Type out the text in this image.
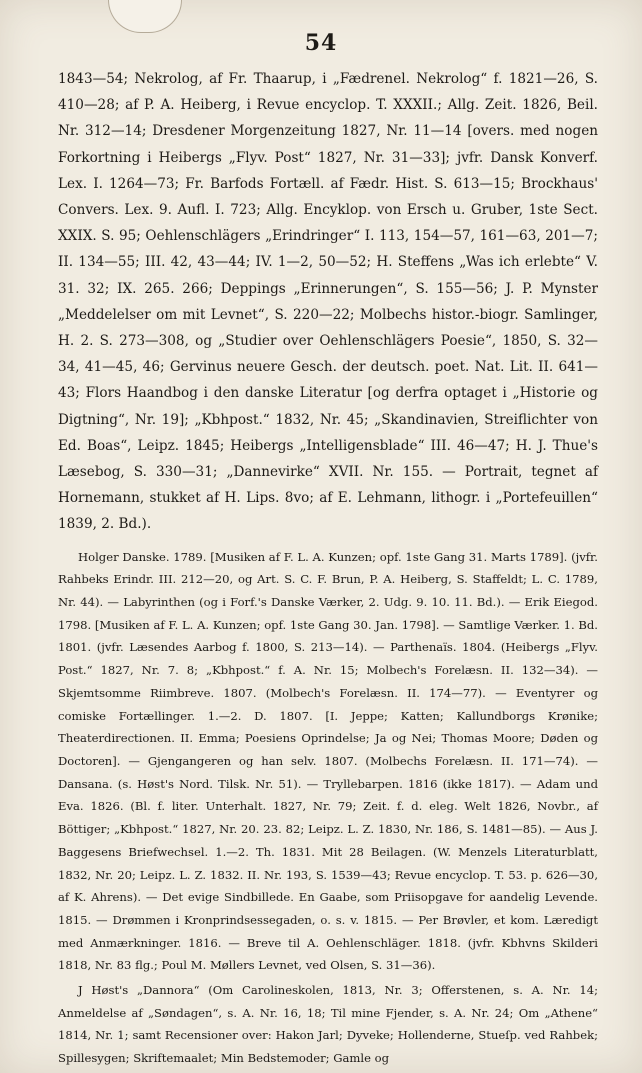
54

1843—54; Nekrolog, af Fr. Thaarup, i „Fædrenel. Nekrolog“ f. 1821—26, S. 410—28; af P. A. Heiberg, i Revue encyclop. T. XXXII.; Allg. Zeit. 1826, Beil. Nr. 312—14; Dresdener Morgenzeitung 1827, Nr. 11—14 [overs. med nogen Forkortning i Heibergs „Flyv. Post“ 1827, Nr. 31—33]; jvfr. Dansk Konverf. Lex. I. 1264—73; Fr. Barfods Fortæll. af Fædr. Hist. S. 613—15; Brockhaus' Convers. Lex. 9. Aufl. I. 723; Allg. Encyklop. von Ersch u. Gruber, 1ste Sect. XXIX. S. 95; Oehlenschlägers „Erindringer“ I. 113, 154—57, 161—63, 201—7; II. 134—55; III. 42, 43—44; IV. 1—2, 50—52; H. Steffens „Was ich erlebte“ V. 31. 32; IX. 265. 266; Deppings „Erinnerungen“, S. 155—56; J. P. Mynster „Meddelelser om mit Levnet“, S. 220—22; Molbechs histor.-biogr. Samlinger, H. 2. S. 273—308, og „Studier over Oehlenschlägers Poesie“, 1850, S. 32—34, 41—45, 46; Gervinus neuere Gesch. der deutsch. poet. Nat. Lit. II. 641—43; Flors Haandbog i den danske Literatur [og derfra optaget i „Historie og Digtning“, Nr. 19]; „Kbhpost.“ 1832, Nr. 45; „Skandinavien, Streiflichter von Ed. Boas“, Leipz. 1845; Heibergs „Intelligensblade“ III. 46—47; H. J. Thue's Læsebog, S. 330—31; „Dannevirke“ XVII. Nr. 155. — Portrait, tegnet af Hornemann, stukket af H. Lips. 8vo; af E. Lehmann, lithogr. i „Portefeuillen“ 1839, 2. Bd.).

Holger Danske. 1789. [Musiken af F. L. A. Kunzen; opf. 1ste Gang 31. Marts 1789]. (jvfr. Rahbeks Erindr. III. 212—20, og Art. S. C. F. Brun, P. A. Heiberg, S. Staffeldt; L. C. 1789, Nr. 44). — Labyrinthen (og i Forf.'s Danske Værker, 2. Udg. 9. 10. 11. Bd.). — Erik Eiegod. 1798. [Musiken af F. L. A. Kunzen; opf. 1ste Gang 30. Jan. 1798]. — Samtlige Værker. 1. Bd. 1801. (jvfr. Læsendes Aarbog f. 1800, S. 213—14). — Parthenaïs. 1804. (Heibergs „Flyv. Post.“ 1827, Nr. 7. 8; „Kbhpost.“ f. A. Nr. 15; Molbech's Forelæsn. II. 132—34). — Skjemtsomme Riimbreve. 1807. (Molbech's Forelæsn. II. 174—77). — Eventyrer og comiske Fortællinger. 1.—2. D. 1807. [I. Jeppe; Katten; Kallundborgs Krønike; Theaterdirectionen. II. Emma; Poesiens Oprindelse; Ja og Nei; Thomas Moore; Døden og Doctoren]. — Gjengangeren og han selv. 1807. (Molbechs Forelæsn. II. 171—74). — Dansana. (s. Høst's Nord. Tilsk. Nr. 51). — Tryllebarpen. 1816 (ikke 1817). — Adam und Eva. 1826. (Bl. f. liter. Unterhalt. 1827, Nr. 79; Zeit. f. d. eleg. Welt 1826, Novbr., af Böttiger; „Kbhpost.“ 1827, Nr. 20. 23. 82; Leipz. L. Z. 1830, Nr. 186, S. 1481—85). — Aus J. Baggesens Briefwechsel. 1.—2. Th. 1831. Mit 28 Beilagen. (W. Menzels Literaturblatt, 1832, Nr. 20; Leipz. L. Z. 1832. II. Nr. 193, S. 1539—43; Revue encyclop. T. 53. p. 626—30, af K. Ahrens). — Det evige Sindbillede. En Gaabe, som Priisopgave for aandelig Levende. 1815. — Drømmen i Kronprindsessegaden, o. s. v. 1815. — Per Brøvler, et kom. Læredigt med Anmærkninger. 1816. — Breve til A. Oehlenschläger. 1818. (jvfr. Kbhvns Skilderi 1818, Nr. 83 flg.; Poul M. Møllers Levnet, ved Olsen, S. 31—36).

J Høst's „Dannora“ (Om Carolineskolen, 1813, Nr. 3; Offerstenen, s. A. Nr. 14; Anmeldelse af „Søndagen“, s. A. Nr. 16, 18; Til mine Fjender, s. A. Nr. 24; Om „Athene“ 1814, Nr. 1; samt Recensioner over: Hakon Jarl; Dyveke; Hollenderne, Stueſp. ved Rahbek; Spillesygen; Skriftemaalet; Min Bedstemoder; Gamle og
